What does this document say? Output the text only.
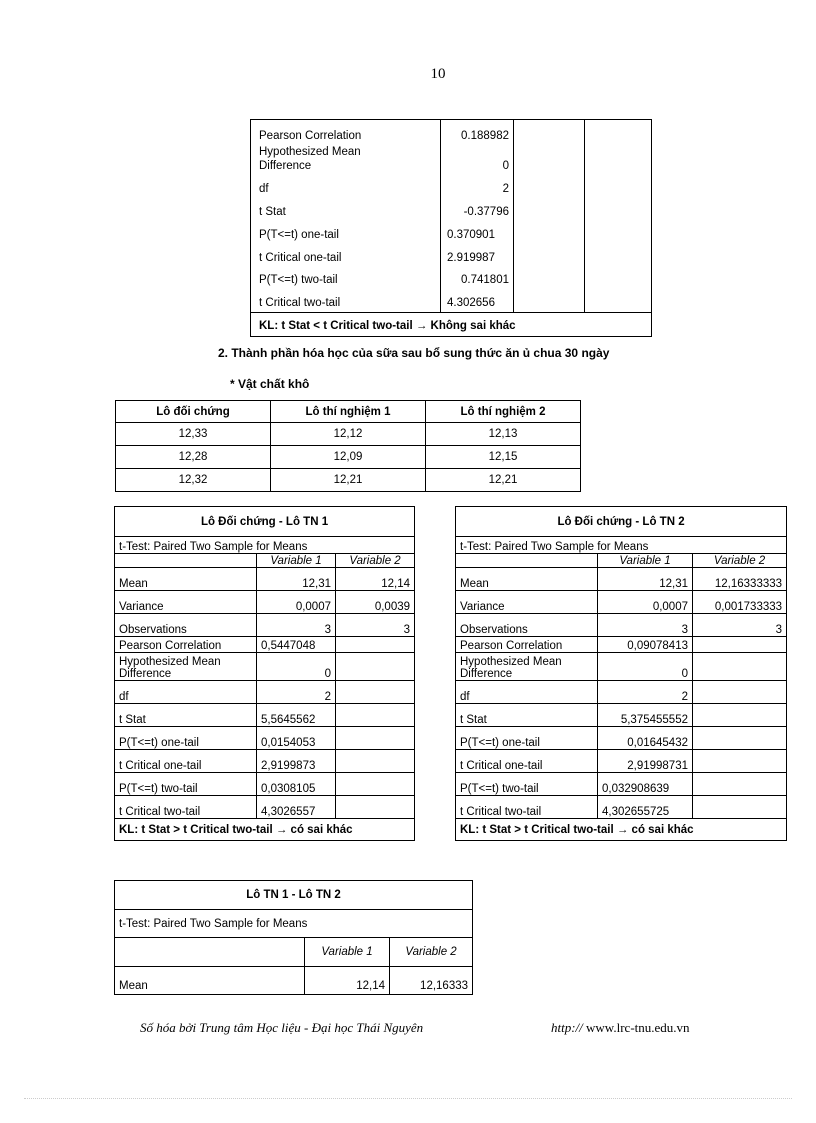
10
Pearson Correlation	0.188982
Hypothesized Mean
Difference	0
df	2
t Stat	-0.37796
P(T<=t) one-tail	0.370901
t Critical one-tail	2.919987
P(T<=t) two-tail	0.741801
t Critical two-tail	4.302656
KL: t Stat < t Critical two-tail → Không sai khác
2. Thành phần hóa học của sữa sau bổ sung thức ăn ủ chua 30 ngày
* Vật chất khô
Lô đối chứng	Lô thí nghiệm 1	Lô thí nghiệm 2
12,33	12,12	12,13
12,28	12,09	12,15
12,32	12,21	12,21
Lô Đối chứng - Lô TN 1		
t-Test: Paired Two Sample for Means		
	Variable 1	Variable 2
Mean	12,31	12,14
Variance	0,0007	0,0039
Observations	3	3
Pearson Correlation	0,5447048	

Hypothesized Mean
Difference	0	
df	2	
t Stat	5,5645562	
P(T<=t) one-tail	0,0154053	
t Critical one-tail	2,9199873	
P(T<=t) two-tail	0,0308105	
t Critical two-tail	4,3026557	
KL: t Stat > t Critical two-tail → có sai khác		
Lô Đối chứng - Lô TN 2		
t-Test: Paired Two Sample for Means		
	Variable 1	Variable 2
Mean	12,31	12,16333333
Variance	0,0007	0,001733333
Observations	3	3
Pearson Correlation	0,09078413	

Hypothesized Mean
Difference	0	
df	2	
t Stat	5,375455552	
P(T<=t) one-tail	0,01645432	
t Critical one-tail	2,91998731	
P(T<=t) two-tail	0,032908639	
t Critical two-tail	4,302655725	
KL: t Stat > t Critical two-tail → có sai khác		
Lô TN 1 - Lô TN 2		
t-Test: Paired Two Sample for Means		
	Variable 1	Variable 2
Mean	12,14	12,16333
Số hóa bởi Trung tâm Học liệu - Đại học Thái Nguyên	http:// www.lrc-tnu.edu.vn
